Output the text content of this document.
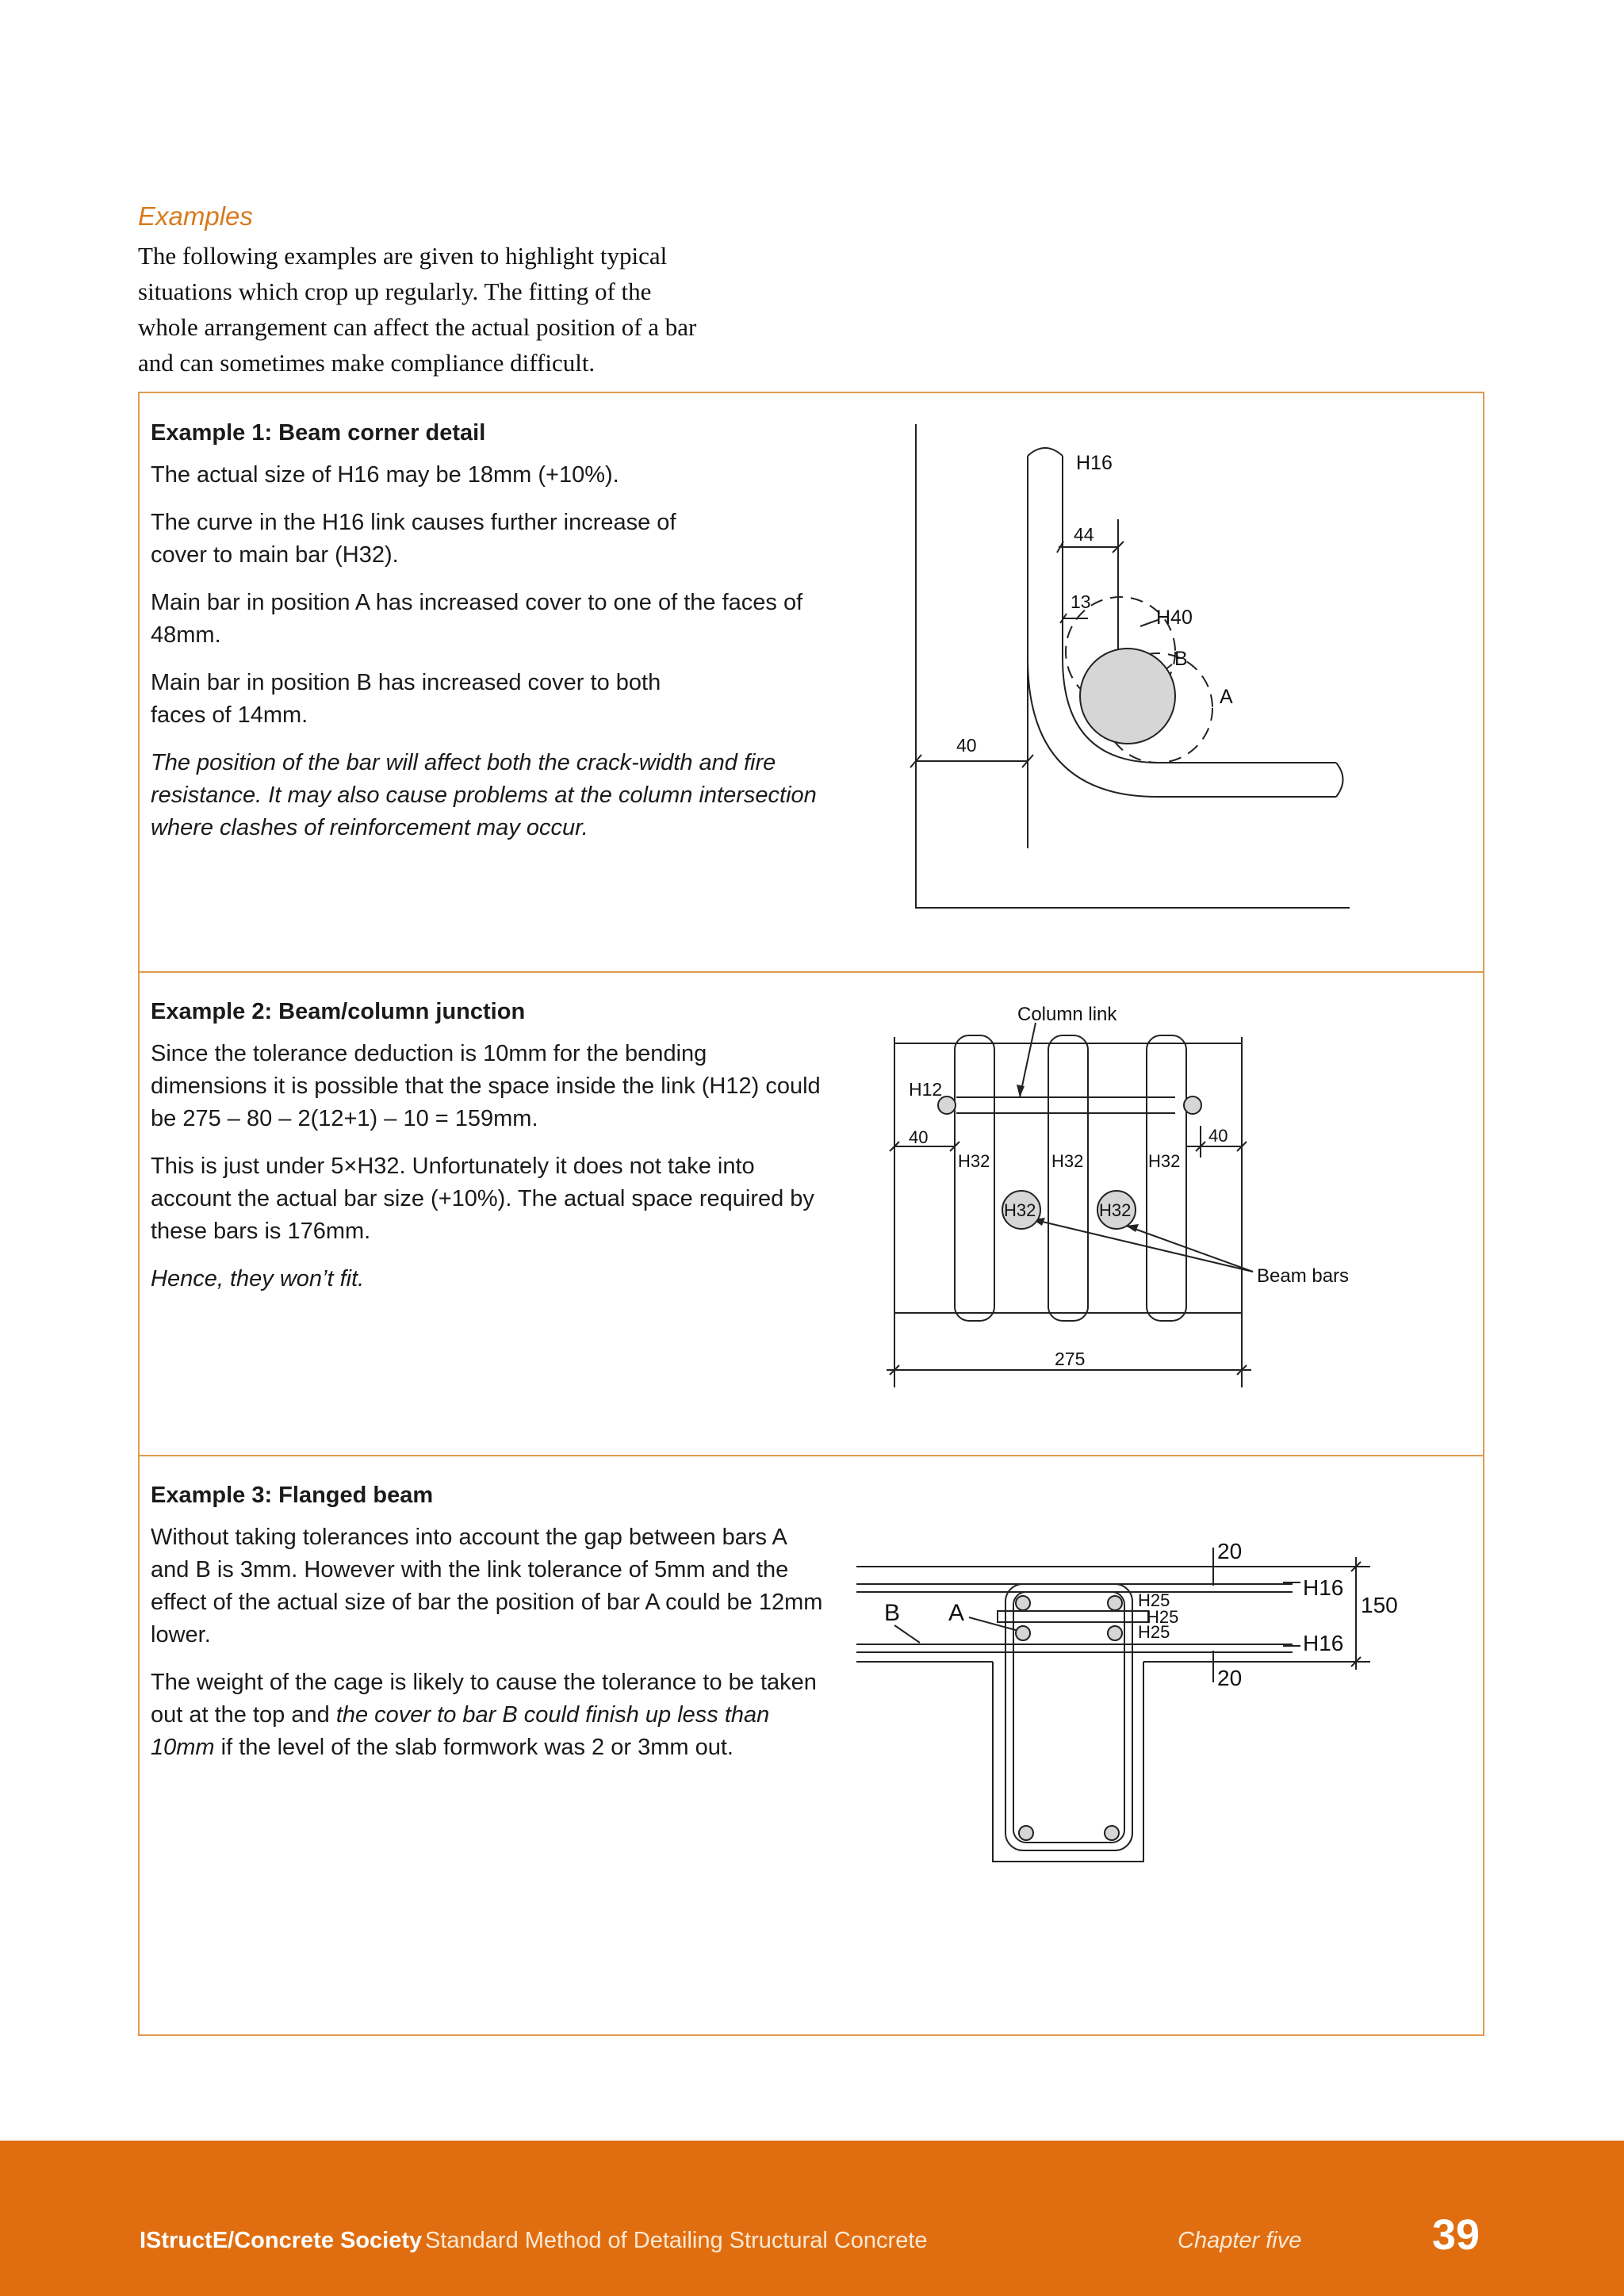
Examples

The following examples are given to highlight typical situations which crop up regularly. The fitting of the whole arrangement can affect the actual position of a bar and can sometimes make compliance difficult.

Example 1: Beam corner detail

The actual size of H16 may be 18mm (+10%).

The curve in the H16 link causes further increase of
cover to main bar (H32).

Main bar in position A has increased cover to one of the faces of 48mm.

Main bar in position B has increased cover to both
faces of 14mm.

The position of the bar will affect both the crack-width and fire resistance. It may also cause problems at the column intersection where clashes of reinforcement may occur.

H16
44
13
H40
B
A
40
Example 2: Beam/column junction

Since the tolerance deduction is 10mm for the bending dimensions it is possible that the space inside the link (H12) could be 275 – 80 – 2(12+1) – 10 = 159mm.

This is just under 5×H32. Unfortunately it does not take into account the actual bar size (+10%). The actual space required by these bars is 176mm.

Hence, they won’t fit.

Column link
H12
40	40
H32	H32	H32
H32	H32
Beam bars
275
Example 3: Flanged beam

Without taking tolerances into account the gap between bars A and B is 3mm. However with the link tolerance of 5mm and the effect of the actual size of bar the position of bar A could be 12mm lower.

The weight of the cage is likely to cause the tolerance to be taken out at the top and the cover to bar B could finish up less than 10mm if the level of the slab formwork was 2 or 3mm out.

20
20
H16
H16
150
H25
H25
H25
B A
IStructE/Concrete Society Standard Method of Detailing Structural Concrete	Chapter five	39
